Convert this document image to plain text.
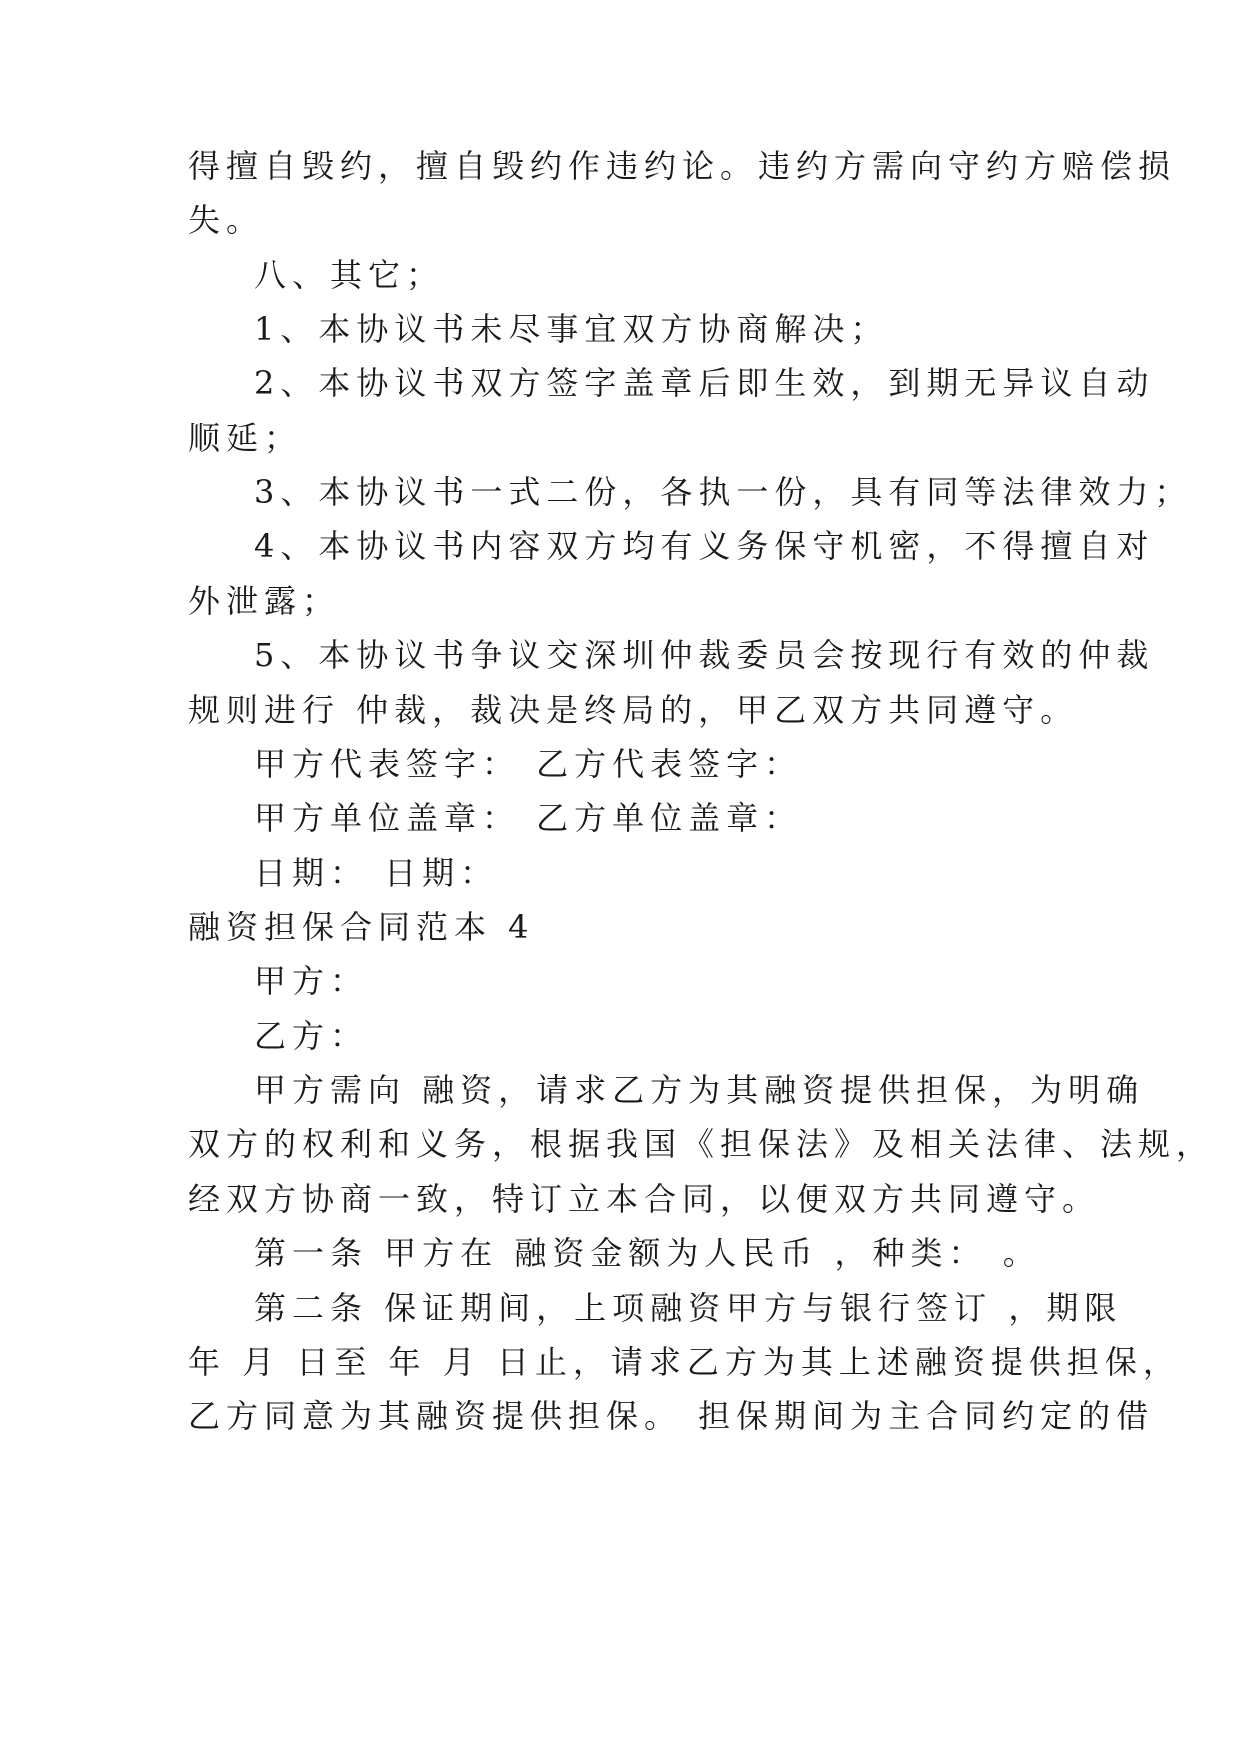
得擅自毁约，擅自毁约作违约论。违约方需向守约方赔偿损
失。
八、其它；
1、本协议书未尽事宜双方协商解决；
2、本协议书双方签字盖章后即生效，到期无异议自动
顺延；
3、本协议书一式二份，各执一份，具有同等法律效力；
4、本协议书内容双方均有义务保守机密，不得擅自对
外泄露；
5、本协议书争议交深圳仲裁委员会按现行有效的仲裁
规则进行 仲裁，裁决是终局的，甲乙双方共同遵守。
甲方代表签字： 乙方代表签字：
甲方单位盖章： 乙方单位盖章：
日期： 日期：
融资担保合同范本 4
甲方：
乙方：
甲方需向 融资，请求乙方为其融资提供担保，为明确
双方的权利和义务，根据我国《担保法》及相关法律、法规，
经双方协商一致，特订立本合同，以便双方共同遵守。
第一条 甲方在 融资金额为人民币 ，种类： 。
第二条 保证期间，上项融资甲方与银行签订 ，期限
年 月 日至 年 月 日止，请求乙方为其上述融资提供担保，
乙方同意为其融资提供担保。 担保期间为主合同约定的借
